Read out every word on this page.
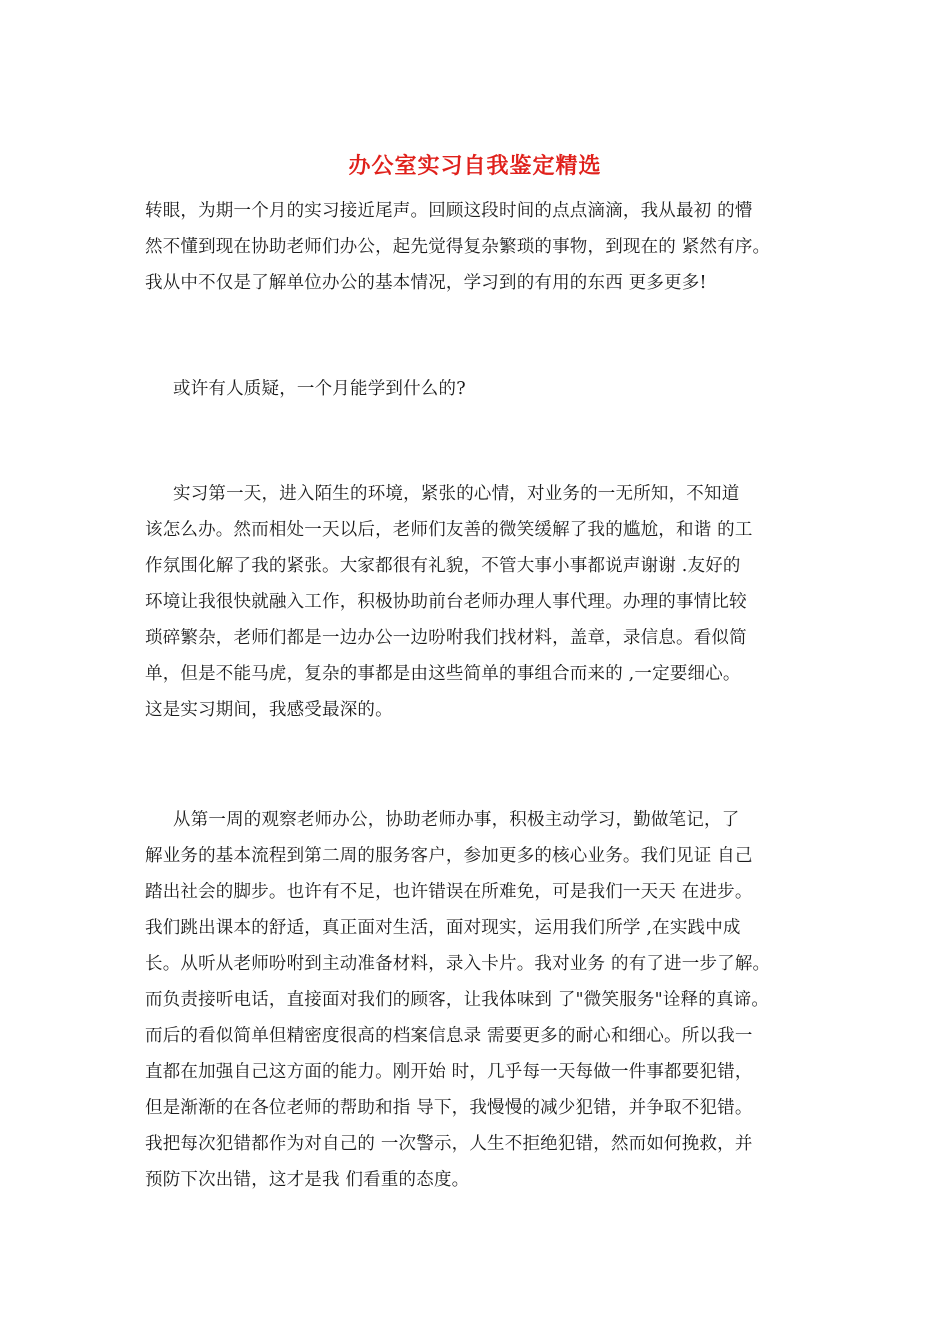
办公室实习自我鉴定精选
转眼，为期一个月的实习接近尾声。回顾这段时间的点点滴滴，我从最初 的懵
然不懂到现在协助老师们办公，起先觉得复杂繁琐的事物，到现在的 紧然有序。
我从中不仅是了解单位办公的基本情况，学习到的有用的东西 更多更多!
或许有人质疑，一个月能学到什么的?
实习第一天，进入陌生的环境，紧张的心情，对业务的一无所知，不知道
该怎么办。然而相处一天以后，老师们友善的微笑缓解了我的尴尬，和谐 的工
作氛围化解了我的紧张。大家都很有礼貌，不管大事小事都说声谢谢 .友好的
环境让我很快就融入工作，积极协助前台老师办理人事代理。办理的事情比较
琐碎繁杂，老师们都是一边办公一边吩咐我们找材料，盖章，录信息。看似简
单，但是不能马虎，复杂的事都是由这些简单的事组合而来的 ,一定要细心。
这是实习期间，我感受最深的。
从第一周的观察老师办公，协助老师办事，积极主动学习，勤做笔记，了
解业务的基本流程到第二周的服务客户，参加更多的核心业务。我们见证 自己
踏出社会的脚步。也许有不足，也许错误在所难免，可是我们一天天 在进步。
我们跳出课本的舒适，真正面对生活，面对现实，运用我们所学 ,在实践中成
长。从听从老师吩咐到主动准备材料，录入卡片。我对业务 的有了进一步了解。
而负责接听电话，直接面对我们的顾客，让我体味到 了"微笑服务"诠释的真谛。
而后的看似简单但精密度很高的档案信息录 需要更多的耐心和细心。所以我一
直都在加强自己这方面的能力。刚开始 时，几乎每一天每做一件事都要犯错，
但是渐渐的在各位老师的帮助和指 导下，我慢慢的减少犯错，并争取不犯错。
我把每次犯错都作为对自己的 一次警示，人生不拒绝犯错，然而如何挽救，并
预防下次出错，这才是我 们看重的态度。
